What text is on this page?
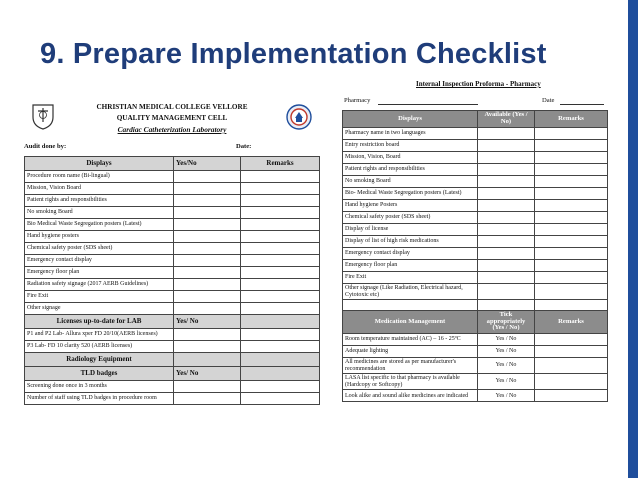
9. Prepare Implementation Checklist
CHRISTIAN MEDICAL COLLEGE VELLORE
QUALITY MANAGEMENT CELL
Cardiac Catheterization Laboratory
Audit done by:	Date:
Displays	Yes/No	Remarks
Procedure room name (Bi-lingual)		
Mission, Vision Board		
Patient rights and responsibilities		
No smoking Board		
Bio Medical Waste Segregation posters (Latest)		
Hand hygiene posters		
Chemical safety poster (SDS sheet)		
Emergency contact display		
Emergency floor plan		
Radiation safety signage (2017 AERB Guidelines)		
Fire Exit		
Other signage		
Licenses up-to-date for LAB	Yes/ No	
P1 and P2 Lab- Allura xper FD 20/10(AERB licenses)		
P3 Lab- FD 10 clarity 520 (AERB licenses)		
Radiology Equipment		
TLD badges	Yes/ No	
Screening done once in 3 months		
Number of staff using TLD badges in procedure room		
Internal Inspection Proforma - Pharmacy
Pharmacy	Date
Displays	Available (Yes / No)	Remarks
Pharmacy name in two languages		
Entry restriction board		
Mission, Vision, Board		
Patient rights and responsibilities		
No smoking Board		
Bio- Medical Waste Segregation posters (Latest)		
Hand hygiene Posters		
Chemical safety poster (SDS sheet)		
Display of license		
Display of list of high risk medications		
Emergency contact display		
Emergency floor plan		
Fire Exit		
Other signage (Like Radiation, Electrical hazard, Cytotoxic etc)		

Medication Management	Tick appropriately (Yes / No)	Remarks
Room temperature maintained (AC) – 16 - 25ºC	Yes / No	
Adequate lighting	Yes / No	
All medicines are stored as per manufacturer's recommendation	Yes / No	
LASA list specific to that pharmacy is available (Hardcopy or Softcopy)	Yes / No	
Look alike and sound alike medicines are indicated	Yes / No	
